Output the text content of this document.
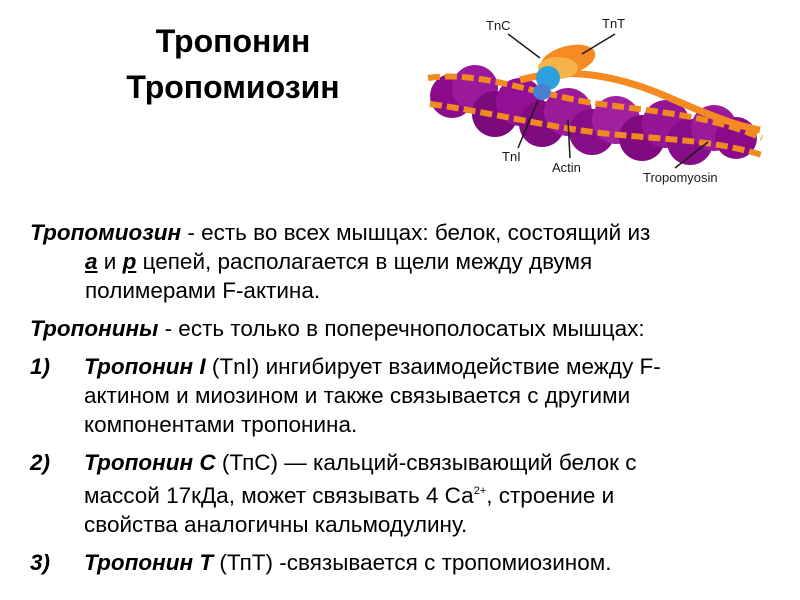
Тропонин
Тропомиозин
TnC	TnT
TnI
Actin
Tropomyosin

Тропомиозин - есть во всех мышцах: белок, состоящий из
a и p цепей, располагается в щели между двумя
полимерами F-актина.

Тропонины - есть только в поперечнополосатых мышцах:

1)	Тропонин I (TnI) ингибирует взаимодействие между F-
актином и миозином и также связывается с другими
компонентами тропонина.
2)	Тропонин С (ТпС) — кальций-связывающий белок с
массой 17кДа, может связывать 4 $Са^{2+}$, строение и
свойства аналогичны кальмодулину.
3)	Тропонин Т (ТпТ) -связывается с тропомиозином.
